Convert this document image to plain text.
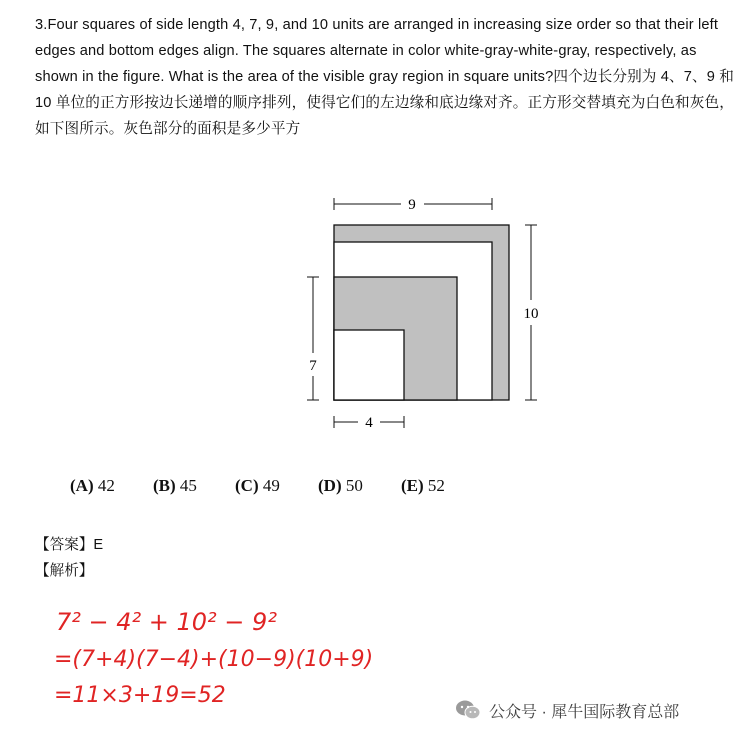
3.Four squares of side length 4, 7, 9, and 10 units are arranged in increasing size order so that their left edges and bottom edges align. The squares alternate in color white-gray-white-gray, respectively, as shown in the figure. What is the area of the visible gray region in square units?四个边长分别为 4、7、9 和 10 单位的正方形按边长递增的顺序排列，使得它们的左边缘和底边缘对齐。正方形交替填充为白色和灰色，如下图所示。灰色部分的面积是多少平方

9
10
7
4
(A) 42 (B) 45 (C) 49 (D) 50 (E) 52
【答案】E
【解析】
7² − 4² + 10² − 9²
=(7+4)(7−4)+(10−9)(10+9)
=11×3+19=52
公众号 · 犀牛国际教育总部
